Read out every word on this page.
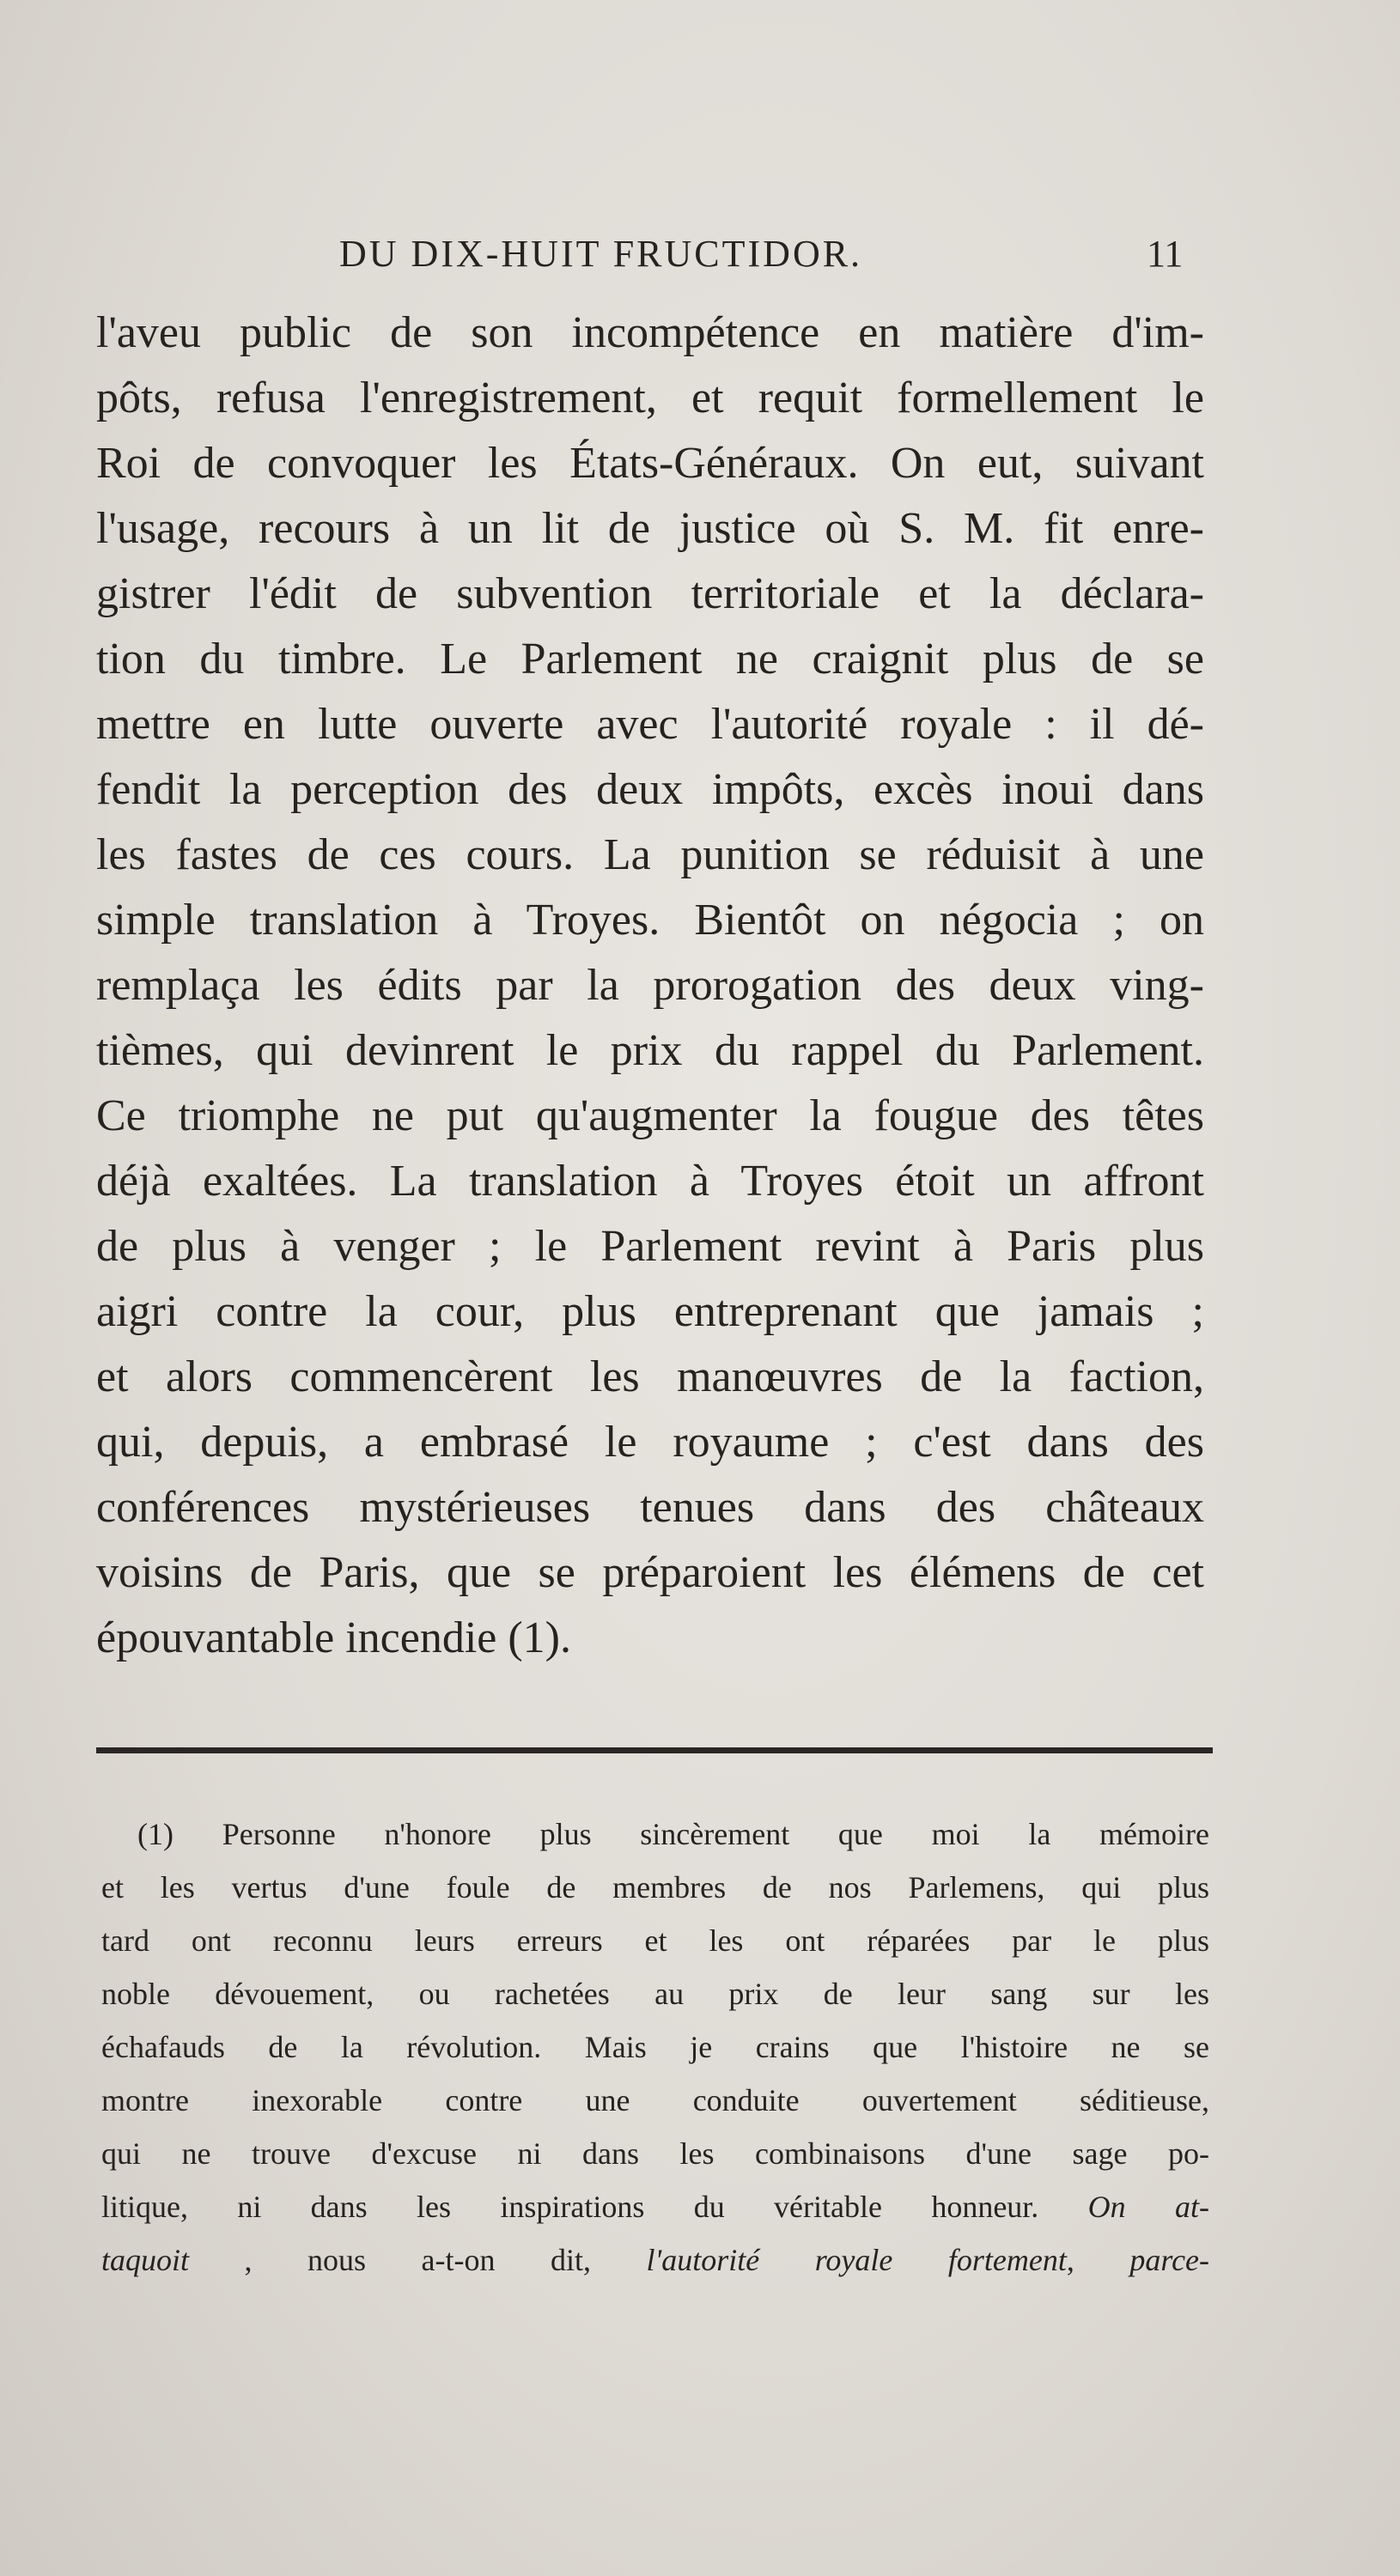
DU DIX-HUIT FRUCTIDOR.	11
l'aveu public de son incompétence en matière d'im-
pôts, refusa l'enregistrement, et requit formellement le
Roi de convoquer les États-Généraux. On eut, suivant
l'usage, recours à un lit de justice où S. M. fit enre-
gistrer l'édit de subvention territoriale et la déclara-
tion du timbre. Le Parlement ne craignit plus de se
mettre en lutte ouverte avec l'autorité royale : il dé-
fendit la perception des deux impôts, excès inoui dans
les fastes de ces cours. La punition se réduisit à une
simple translation à Troyes. Bientôt on négocia ; on
remplaça les édits par la prorogation des deux ving-
tièmes, qui devinrent le prix du rappel du Parlement.
Ce triomphe ne put qu'augmenter la fougue des têtes
déjà exaltées. La translation à Troyes étoit un affront
de plus à venger ; le Parlement revint à Paris plus
aigri contre la cour, plus entreprenant que jamais ;
et alors commencèrent les manœuvres de la faction,
qui, depuis, a embrasé le royaume ; c'est dans des
conférences mystérieuses tenues dans des châteaux
voisins de Paris, que se préparoient les élémens de cet
épouvantable incendie (1).
(1) Personne n'honore plus sincèrement que moi la mémoire
et les vertus d'une foule de membres de nos Parlemens, qui plus
tard ont reconnu leurs erreurs et les ont réparées par le plus
noble dévouement, ou rachetées au prix de leur sang sur les
échafauds de la révolution. Mais je crains que l'histoire ne se
montre inexorable contre une conduite ouvertement séditieuse,
qui ne trouve d'excuse ni dans les combinaisons d'une sage po-
litique, ni dans les inspirations du véritable honneur. On at-
taquoit , nous a-t-on dit, l'autorité royale fortement, parce-
